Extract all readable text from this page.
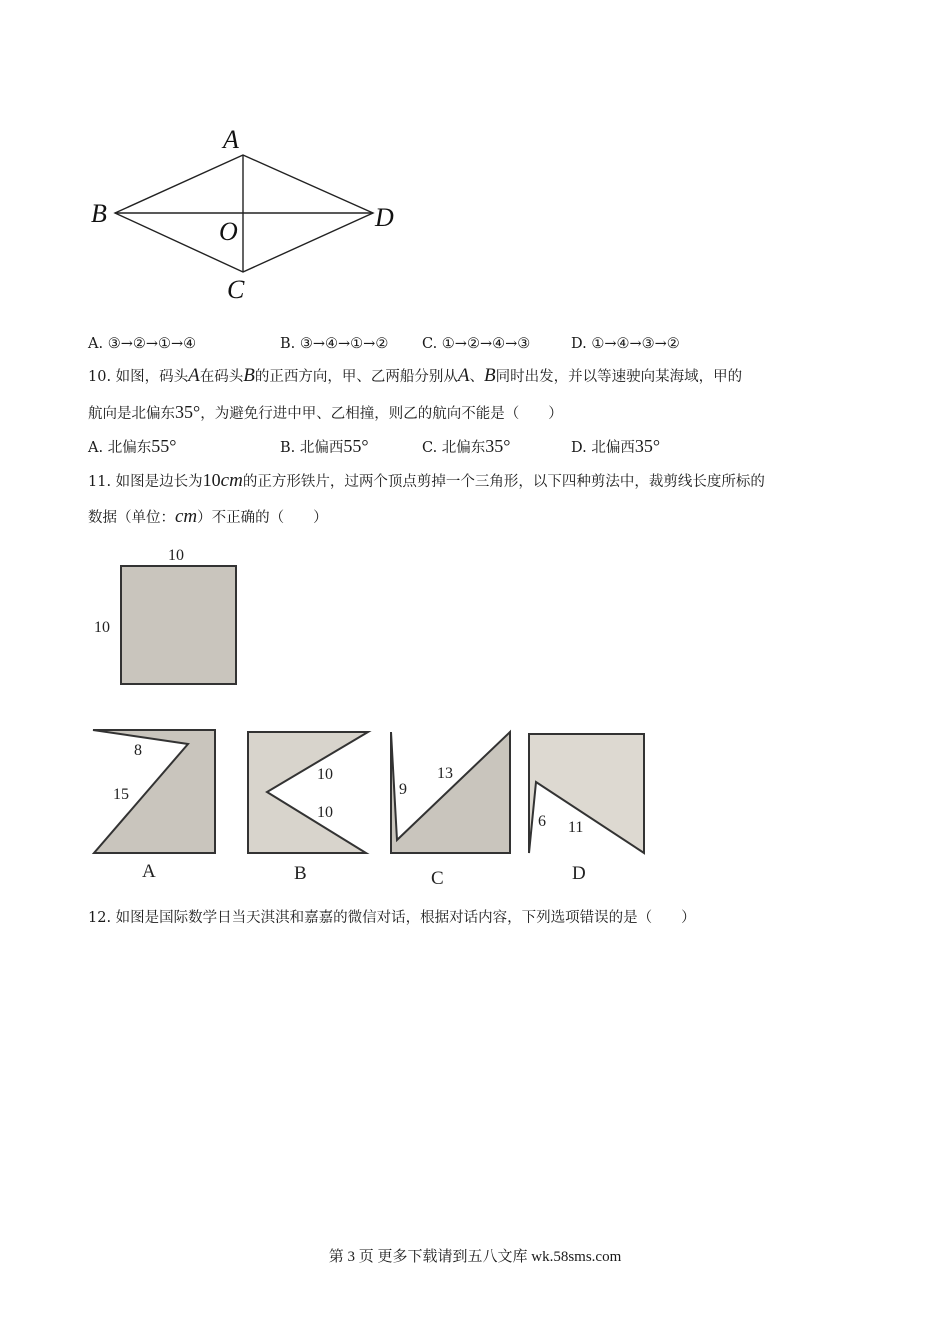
A
B
O	D
C
A. ③→②→①→④	B. ③→④→①→② C. ①→②→④→③	D. ①→④→③→②
10. 如图，码头A在码头B的正西方向，甲、乙两船分别从A、B同时出发，并以等速驶向某海域，甲的
航向是北偏东35°，为避免行进中甲、乙相撞，则乙的航向不能是（　　）
A. 北偏东55°	B. 北偏西55°	C. 北偏东35°	D. 北偏西35°
11. 如图是边长为10cm的正方形铁片，过两个顶点剪掉一个三角形，以下四种剪法中，裁剪线长度所标的
数据（单位：cm）不正确的（　　）
10
10
8
15
A
10
10
B
9
13
C
6 11
D
12. 如图是国际数学日当天淇淇和嘉嘉的微信对话，根据对话内容，下列选项错误的是（　　）
第 3 页 更多下载请到五八文库 wk.58sms.com
